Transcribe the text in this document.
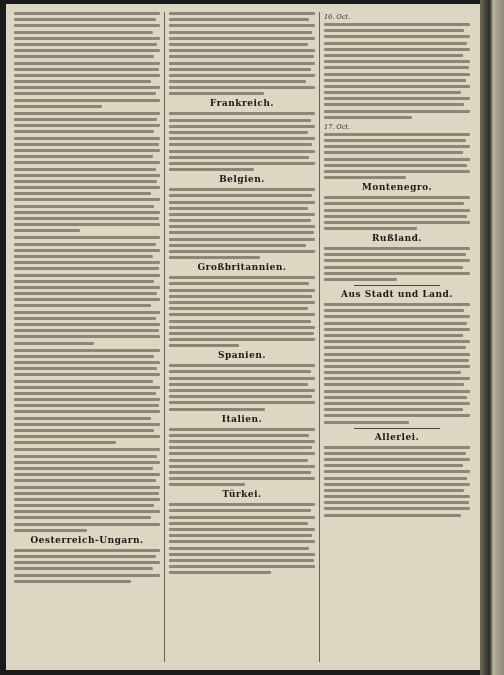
Oesterreich-Ungarn.
Frankreich.
Belgien.
Großbritannien.
Spanien.
Italien.
Türkei.
16. Oct.
17. Oct.
Montenegro.
Rußland.
Aus Stadt und Land.
Allerlei.
